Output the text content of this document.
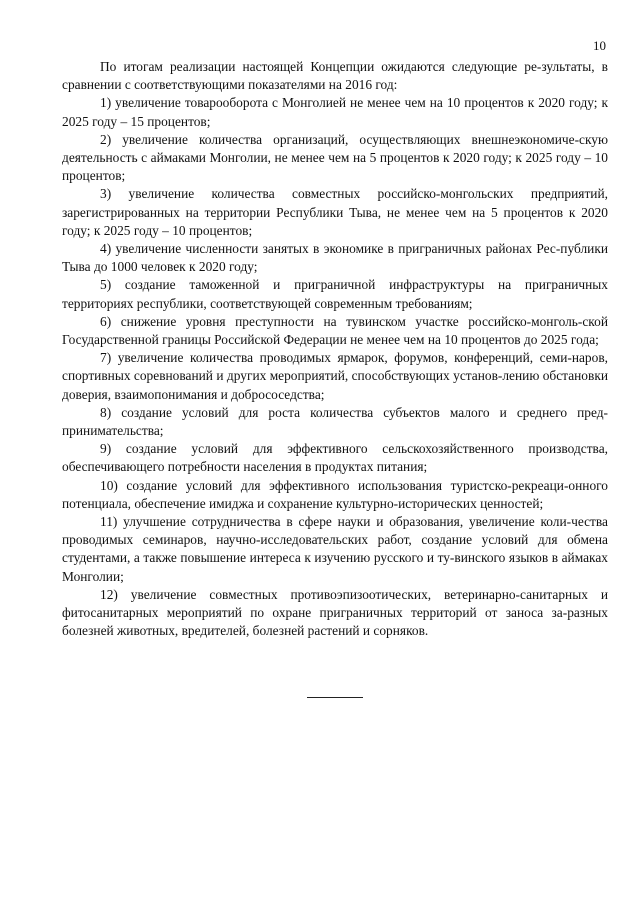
10

По итогам реализации настоящей Концепции ожидаются следующие ре-зультаты, в сравнении с соответствующими показателями на 2016 год:

1) увеличение товарооборота с Монголией не менее чем на 10 процентов к 2020 году; к 2025 году – 15 процентов;

2) увеличение количества организаций, осуществляющих внешнеэкономиче-скую деятельность с аймаками Монголии, не менее чем на 5 процентов к 2020 году; к 2025 году – 10 процентов;

3) увеличение количества совместных российско-монгольских предприятий, зарегистрированных на территории Республики Тыва, не менее чем на 5 процентов к 2020 году; к 2025 году – 10 процентов;

4) увеличение численности занятых в экономике в приграничных районах Рес-публики Тыва до 1000 человек к 2020 году;

5) создание таможенной и приграничной инфраструктуры на приграничных территориях республики, соответствующей современным требованиям;

6) снижение уровня преступности на тувинском участке российско-монголь-ской Государственной границы Российской Федерации не менее чем на 10 процентов до 2025 года;

7) увеличение количества проводимых ярмарок, форумов, конференций, семи-наров, спортивных соревнований и других мероприятий, способствующих установ-лению обстановки доверия, взаимопонимания и добрососедства;

8) создание условий для роста количества субъектов малого и среднего пред-принимательства;

9) создание условий для эффективного сельскохозяйственного производства, обеспечивающего потребности населения в продуктах питания;

10) создание условий для эффективного использования туристско-рекреаци-онного потенциала, обеспечение имиджа и сохранение культурно-исторических ценностей;

11) улучшение сотрудничества в сфере науки и образования, увеличение коли-чества проводимых семинаров, научно-исследовательских работ, создание условий для обмена студентами, а также повышение интереса к изучению русского и ту-винского языков в аймаках Монголии;

12) увеличение совместных противоэпизоотических, ветеринарно-санитарных и фитосанитарных мероприятий по охране приграничных территорий от заноса за-разных болезней животных, вредителей, болезней растений и сорняков.
